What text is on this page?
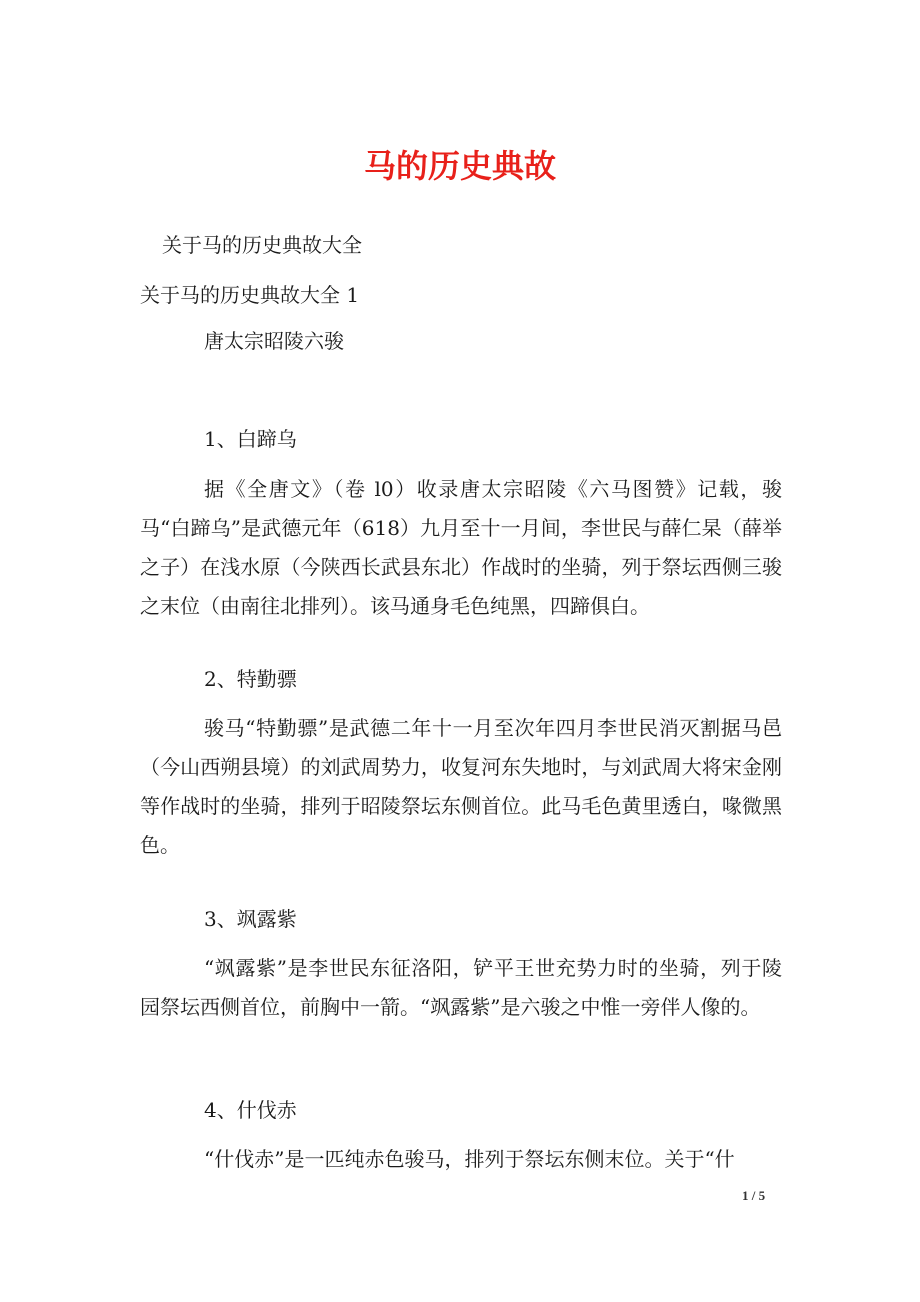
马的历史典故

关于马的历史典故大全

关于马的历史典故大全 1

唐太宗昭陵六骏

1、白蹄乌

据《全唐文》（卷 l0）收录唐太宗昭陵《六马图赞》记载，骏马“白蹄乌”是武德元年（618）九月至十一月间，李世民与薛仁杲（薛举之子）在浅水原（今陕西长武县东北）作战时的坐骑，列于祭坛西侧三骏之末位（由南往北排列）。该马通身毛色纯黑，四蹄俱白。

2、特勤骠

骏马“特勤骠”是武德二年十一月至次年四月李世民消灭割据马邑（今山西朔县境）的刘武周势力，收复河东失地时，与刘武周大将宋金刚等作战时的坐骑，排列于昭陵祭坛东侧首位。此马毛色黄里透白，喙微黑色。

3、飒露紫

“飒露紫”是李世民东征洛阳，铲平王世充势力时的坐骑，列于陵园祭坛西侧首位，前胸中一箭。“飒露紫”是六骏之中惟一旁伴人像的。

4、什伐赤

“什伐赤”是一匹纯赤色骏马，排列于祭坛东侧末位。关于“什

1 / 5
